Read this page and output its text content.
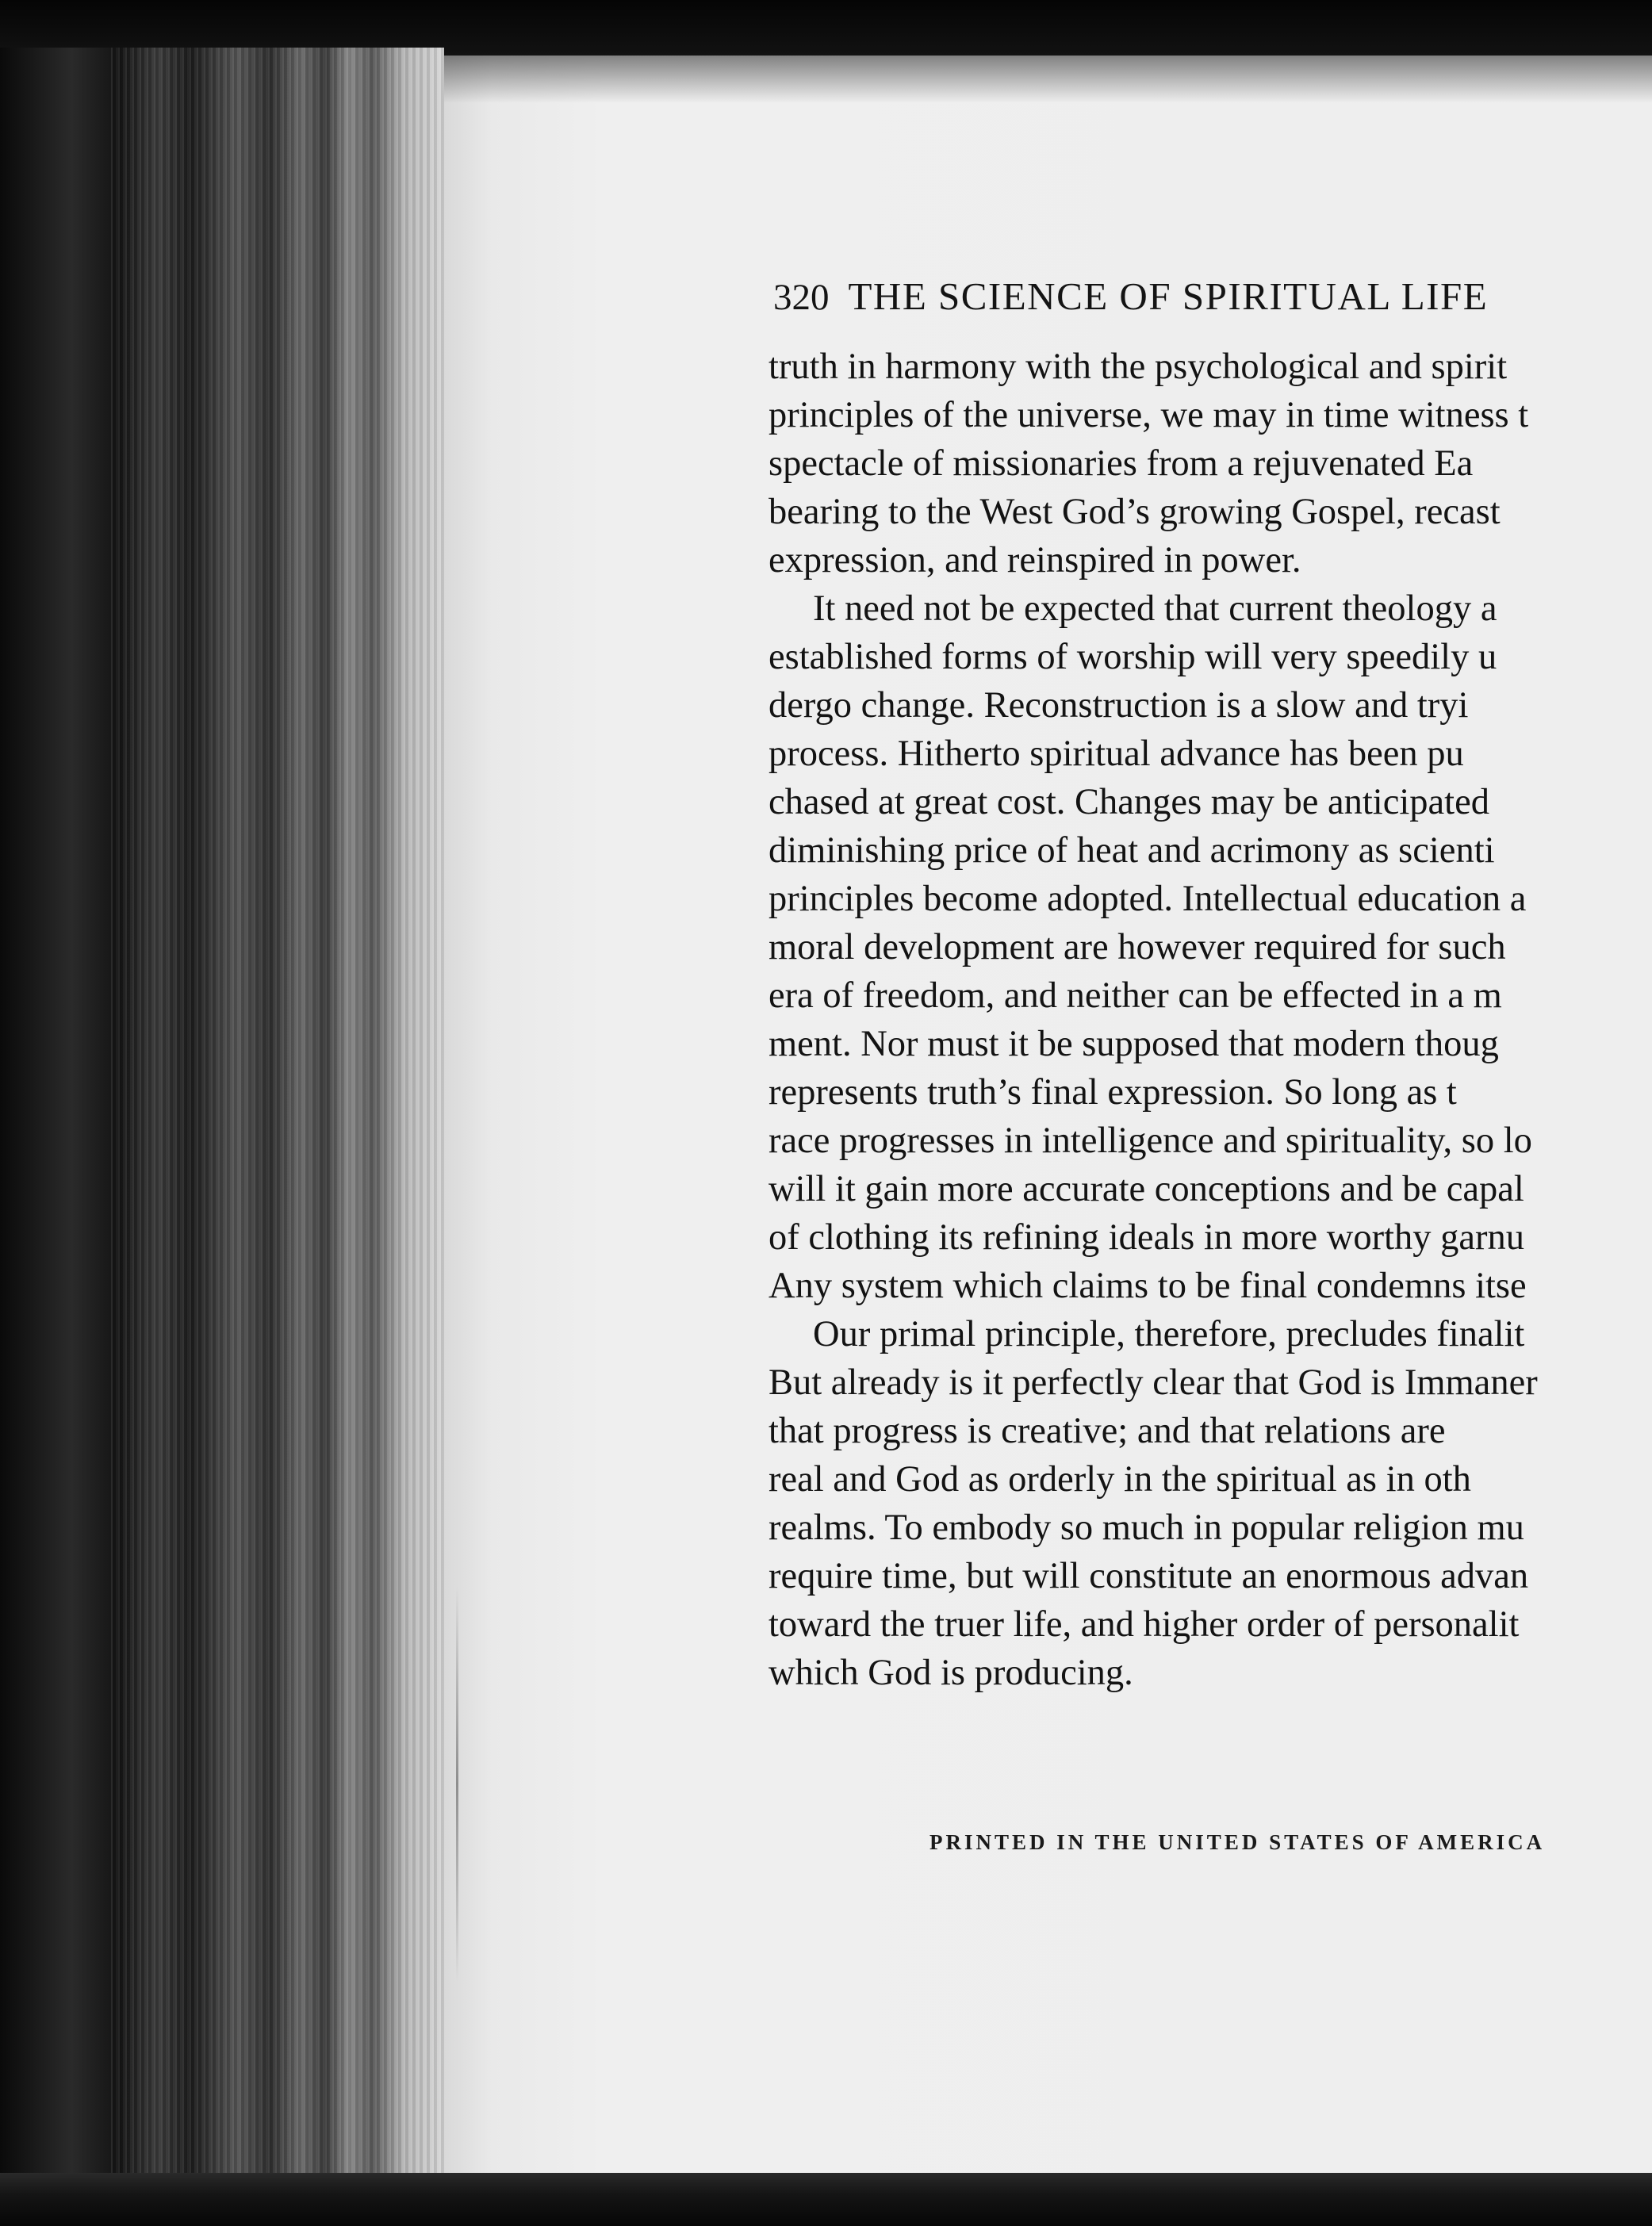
320 THE SCIENCE OF SPIRITUAL LIFE
truth in harmony with the psychological and spirit
principles of the universe, we may in time witness t
spectacle of missionaries from a rejuvenated Ea
bearing to the West God’s growing Gospel, recast
expression, and reinspired in power.
It need not be expected that current theology a
established forms of worship will very speedily u
dergo change. Reconstruction is a slow and tryi
process. Hitherto spiritual advance has been pu
chased at great cost. Changes may be anticipated
diminishing price of heat and acrimony as scienti
principles become adopted. Intellectual education a
moral development are however required for such
era of freedom, and neither can be effected in a m
ment. Nor must it be supposed that modern thoug
represents truth’s final expression. So long as t
race progresses in intelligence and spirituality, so lo
will it gain more accurate conceptions and be capal
of clothing its refining ideals in more worthy garnu
Any system which claims to be final condemns itse
Our primal principle, therefore, precludes finalit
But already is it perfectly clear that God is Immaner
that progress is creative; and that relations are
real and God as orderly in the spiritual as in oth
realms. To embody so much in popular religion mu
require time, but will constitute an enormous advan
toward the truer life, and higher order of personalit
which God is producing.
PRINTED IN THE UNITED STATES OF AMERICA
